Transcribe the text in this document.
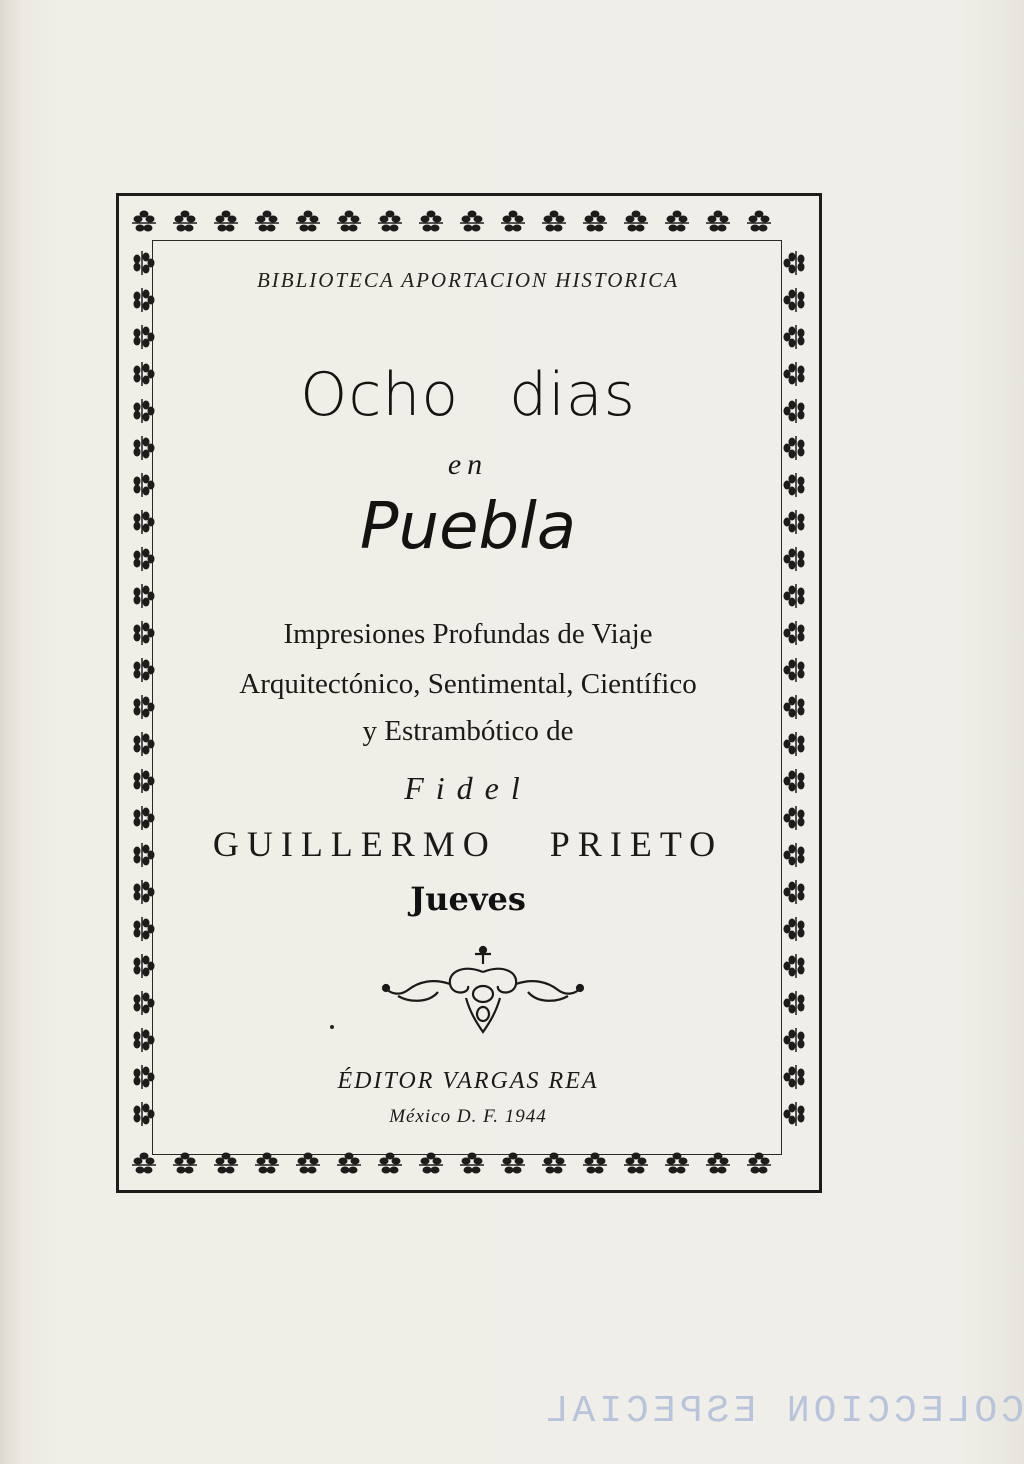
BIBLIOTECA APORTACION HISTORICA
Ocho dias
en
Puebla
Impresiones Profundas de Viaje
Arquitectónico, Sentimental, Científico
y Estrambótico de
Fidel
GUILLERMO PRIETO
Jueves
ÉDITOR VARGAS REA
México D. F. 1944
COLECCION ESPECIAL
